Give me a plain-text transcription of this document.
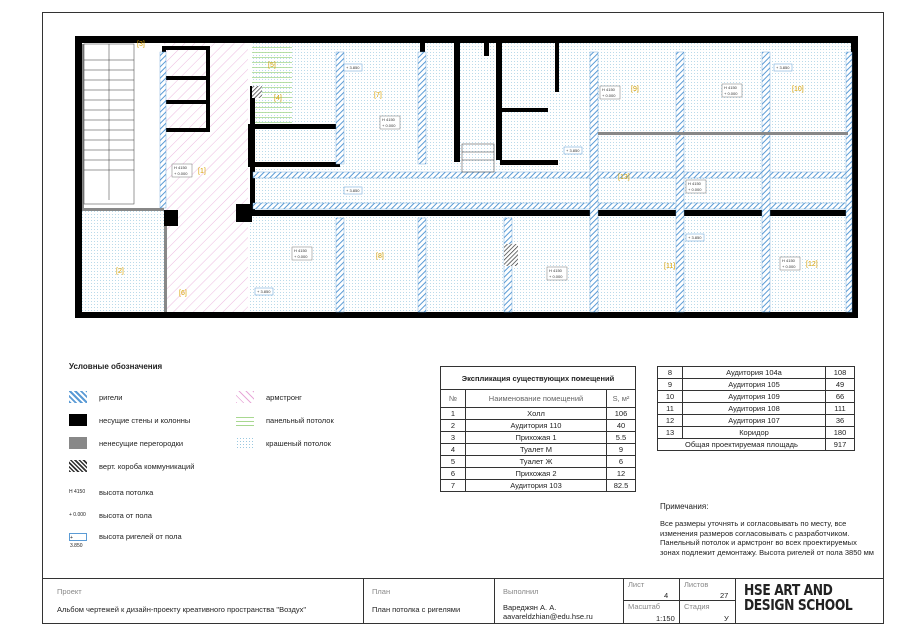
[1]
[2]
[3]
[4]
[5]
[6]
[7]
[8]
[9]	[10]
[11]	[12]
[13]
H 4150
+ 0.000
H 4150
+ 0.000
H 4150
+ 0.000
H 4150
+ 0.000
H 4150
+ 0.000
H 4150
+ 0.000
H 4150
+ 0.000
H 4150
+ 0.000
+ 3.850
+ 3.850
+ 3.850
+ 3.850
+ 3.850
+ 3.850
Условные обозначения
ригели
несущие стены и колонны
ненесущие перегородки
верт. короба коммуникаций
H 4150 высота потолка
+ 0.000 высота от пола
+ 3.850
высота ригелей от пола
армстронг
панельный потолок
крашеный потолок
Экспликация существующих помещений		
№	Наименование помещений	S, м²
1	Холл	106
2	Аудитория 110	40
3	Прихожая 1	5.5
4	Туалет М	9
5	Туалет Ж	6
6	Прихожая 2	12
7	Аудитория 103	82.5
8	Аудитория 104а	108
9	Аудитория 105	49
10	Аудитория 109	66
11	Аудитория 108	111
12	Аудитория 107	36
13	Коридор	180
Общая проектируемая площадь		917
Примечания:
Все размеры уточнять и согласовывать по месту, все изменения размеров согласовывать с разработчиком. Панельный потолок и армстронг во всех проектируемых зонах подлежит демонтажу. Высота ригелей от пола 3850 мм
Проект
Альбом чертежей к дизайн-проекту креативного пространства "Воздух"
План
План потолка с ригелями
Выполнил
Вареджян А. А.
aavareldzhian@edu.hse.ru
Лист
4
Листов
27
Масштаб
1:150
Стадия
У
HSE ART AND
DESIGN SCHOOL
